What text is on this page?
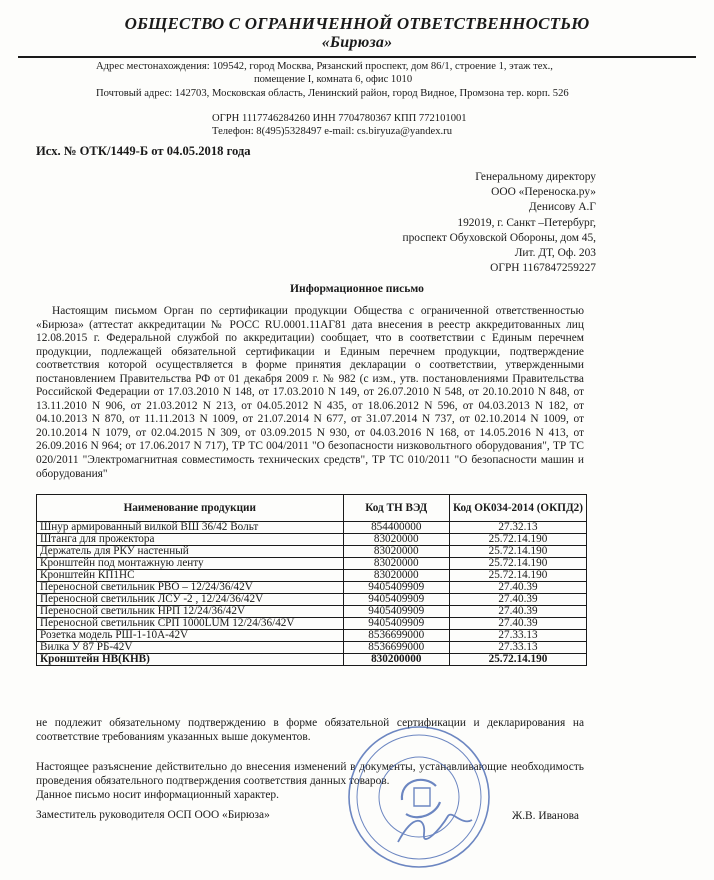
ОБЩЕСТВО С ОГРАНИЧЕННОЙ ОТВЕТСТВЕННОСТЬЮ
«Бирюза»
Адрес местонахождения: 109542, город Москва, Рязанский проспект, дом 86/1, строение 1, этаж тех.,
помещение I, комната 6, офис 1010
Почтовый адрес: 142703, Московская область, Ленинский район, город Видное, Промзона тер. корп. 526
ОГРН 1117746284260 ИНН 7704780367 КПП 772101001
Телефон: 8(495)5328497 e-mail: cs.biryuza@yandex.ru
Исх. № ОТК/1449-Б от 04.05.2018 года
Генеральному директору
ООО «Переноска.ру»
Денисову А.Г
192019, г. Санкт –Петербург,
проспект Обуховской Обороны, дом 45,
Лит. ДТ, Оф. 203
ОГРН 1167847259227
Информационное письмо
Настоящим письмом Орган по сертификации продукции Общества с ограниченной ответственностью «Бирюза» (аттестат аккредитации № РОСС RU.0001.11АГ81 дата внесения в реестр аккредитованных лиц 12.08.2015 г. Федеральной службой по аккредитации) сообщает, что в соответствии с Единым перечнем продукции, подлежащей обязательной сертификации и Единым перечнем продукции, подтверждение соответствия которой осуществляется в форме принятия декларации о соответствии, утвержденными постановлением Правительства РФ от 01 декабря 2009 г. № 982 (с изм., утв. постановлениями Правительства Российской Федерации от 17.03.2010 N 148, от 17.03.2010 N 149, от 26.07.2010 N 548, от 20.10.2010 N 848, от 13.11.2010 N 906, от 21.03.2012 N 213, от 04.05.2012 N 435, от 18.06.2012 N 596, от 04.03.2013 N 182, от 04.10.2013 N 870, от 11.11.2013 N 1009, от 21.07.2014 N 677, от 31.07.2014 N 737, от 02.10.2014 N 1009, от 20.10.2014 N 1079, от 02.04.2015 N 309, от 03.09.2015 N 930, от 04.03.2016 N 168, от 14.05.2016 N 413, от 26.09.2016 N 964; от 17.06.2017 N 717), ТР ТС 004/2011 "О безопасности низковольтного оборудования", ТР ТС 020/2011 "Электромагнитная совместимость технических средств", ТР ТС 010/2011 "О безопасности машин и оборудования"
Наименование продукции	Код ТН ВЭД	Код ОК034-2014 (ОКПД2)
Шнур армированный вилкой ВШ 36/42 Вольт	854400000	27.32.13
Штанга для прожектора	83020000	25.72.14.190
Держатель для РКУ настенный	83020000	25.72.14.190
Кронштейн под монтажную ленту	83020000	25.72.14.190
Кронштейн КП1НС	83020000	25.72.14.190
Переносной светильник РВО – 12/24/36/42V	9405409909	27.40.39
Переносной светильник ЛСУ -2 , 12/24/36/42V	9405409909	27.40.39
Переносной светильник НРП 12/24/36/42V	9405409909	27.40.39
Переносной светильник СРП 1000LUM 12/24/36/42V	9405409909	27.40.39
Розетка модель РШ-1-10А-42V	8536699000	27.33.13
Вилка У 87 РБ-42V	8536699000	27.33.13
Кронштейн НВ(КНВ)	830200000	25.72.14.190
не подлежит обязательному подтверждению в форме обязательной сертификации и декларирования на соответствие требованиям указанных выше документов.
Настоящее разъяснение действительно до внесения изменений в документы, устанавливающие необходимость проведения обязательного подтверждения соответствия данных товаров.
Данное письмо носит информационный характер.
Заместитель руководителя ОСП ООО «Бирюза»	Ж.В. Иванова
